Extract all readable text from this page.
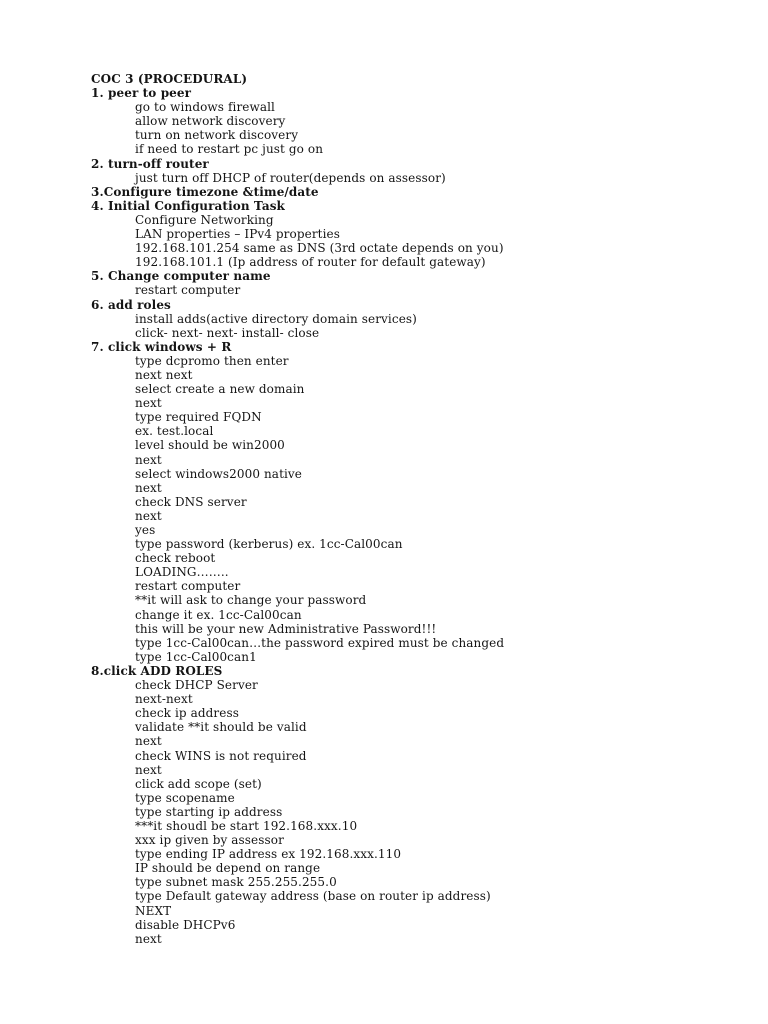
COC 3 (PROCEDURAL)
1. peer to peer
go to windows firewall
allow network discovery
turn on network discovery
if need to restart pc just go on
2. turn-off router
just turn off DHCP of router(depends on assessor)
3.Configure timezone &time/date
4. Initial Configuration Task
Configure Networking
LAN properties – IPv4 properties
192.168.101.254 same as DNS (3rd octate depends on you)
192.168.101.1 (Ip address of router for default gateway)
5. Change computer name
restart computer
6. add roles
install adds(active directory domain services)
click- next- next- install- close
7. click windows + R
type dcpromo then enter
next next
select create a new domain
next
type required FQDN
ex. test.local
level should be win2000
next
select windows2000 native
next
check DNS server
next
yes
type password (kerberus) ex. 1cc-Cal00can
check reboot
LOADING……..
restart computer
**it will ask to change your password
change it ex. 1cc-Cal00can
this will be your new Administrative Password!!!
type 1cc-Cal00can…the password expired must be changed
type 1cc-Cal00can1
8.click ADD ROLES
check DHCP Server
next-next
check ip address
validate **it should be valid
next
check WINS is not required
next
click add scope (set)
type scopename
type starting ip address
***it shoudl be start 192.168.xxx.10
xxx ip given by assessor
type ending IP address ex 192.168.xxx.110
IP should be depend on range
type subnet mask 255.255.255.0
type Default gateway address (base on router ip address)
NEXT
disable DHCPv6
next
